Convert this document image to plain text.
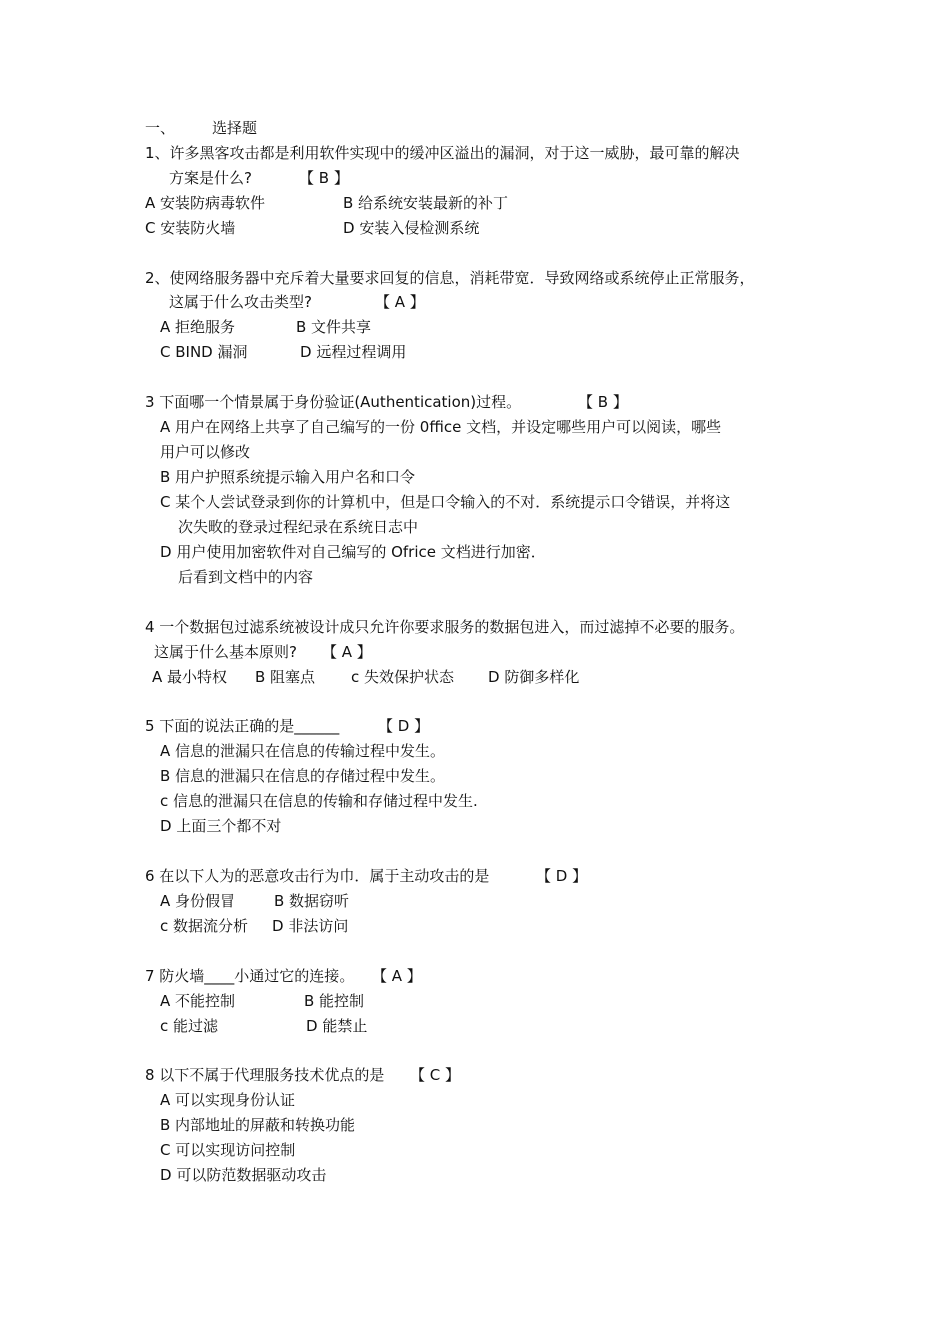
一、 选择题
1、许多黑客攻击都是利用软件实现中的缓冲区溢出的漏洞，对于这一威胁，最可靠的解决
方案是什么?	【 B 】
A 安装防病毒软件	B 给系统安装最新的补丁
C 安装防火墙	D 安装入侵检测系统
2、使网络服务器中充斥着大量要求回复的信息，消耗带宽．导致网络或系统停止正常服务，
这属于什么攻击类型?	【 A 】
A 拒绝服务	B 文件共享
C BIND 漏洞	D 远程过程调用
3 下面哪一个情景属于身份验证(Authentication)过程。	【 B 】
A 用户在网络上共享了自己编写的一份 0ffice 文档，并设定哪些用户可以阅读，哪些
用户可以修改
B 用户护照系统提示输入用户名和口令
C 某个人尝试登录到你的计算机中，但是口令输入的不对．系统提示口令错误，并将这
次失畋的登录过程纪录在系统日志中
D 用户使用加密软件对自己编写的 Ofrice 文档进行加密．
后看到文档中的内容
4 一个数据包过滤系统被设计成只允许你要求服务的数据包进入，而过滤掉不必要的服务。
这属于什么基本原则? 【 A 】
A 最小特权 B 阻塞点 c 失效保护状态 D 防御多样化
5 下面的说法正确的是______	【 D 】
A 信息的泄漏只在信息的传输过程中发生。
B 信息的泄漏只在信息的存储过程中发生。
c 信息的泄漏只在信息的传输和存储过程中发生.
D 上面三个都不对
6 在以下人为的恶意攻击行为巾．属于主动攻击的是	【 D 】
A 身份假冒	B 数据窃听
c 数据流分析 D 非法访问
7 防火墙____小通过它的连接。 【 A 】
A 不能控制	B 能控制
c 能过滤	D 能禁止
8 以下不属于代理服务技术优点的是 【 C 】
A 可以实现身份认证
B 内部地址的屏蔽和转换功能
C 可以实现访问控制
D 可以防范数据驱动攻击
